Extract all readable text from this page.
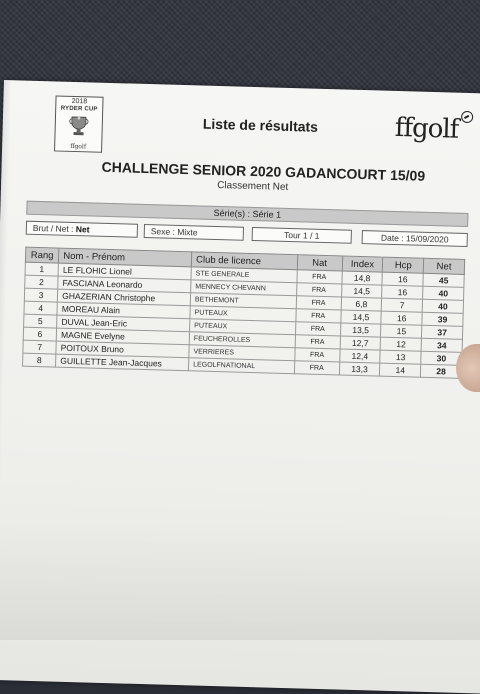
2018
RYDER CUP
ffgolf
Liste de résultats	ffgolf
CHALLENGE SENIOR 2020 GADANCOURT 15/09
Classement Net
Série(s) : Série 1
Brut / Net : Net	Sexe : Mixte	Tour 1 / 1	Date : 15/09/2020
Rang	Nom - Prénom	Club de licence	Nat	Index	Hcp	Net
1	LE FLOHIC Lionel	STE GENERALE	FRA	14,8	16	45
2	FASCIANA Leonardo	MENNECY CHEVANN	FRA	14,5	16	40
3	GHAZERIAN Christophe	BETHEMONT	FRA	6,8	7	40
4	MOREAU Alain	PUTEAUX	FRA	14,5	16	39
5	DUVAL Jean-Eric	PUTEAUX	FRA	13,5	15	37
6	MAGNE Evelyne	FEUCHEROLLES	FRA	12,7	12	34
7	POITOUX Bruno	VERRIERES	FRA	12,4	13	30
8	GUILLETTE Jean-Jacques	LEGOLFNATIONAL	FRA	13,3	14	28
